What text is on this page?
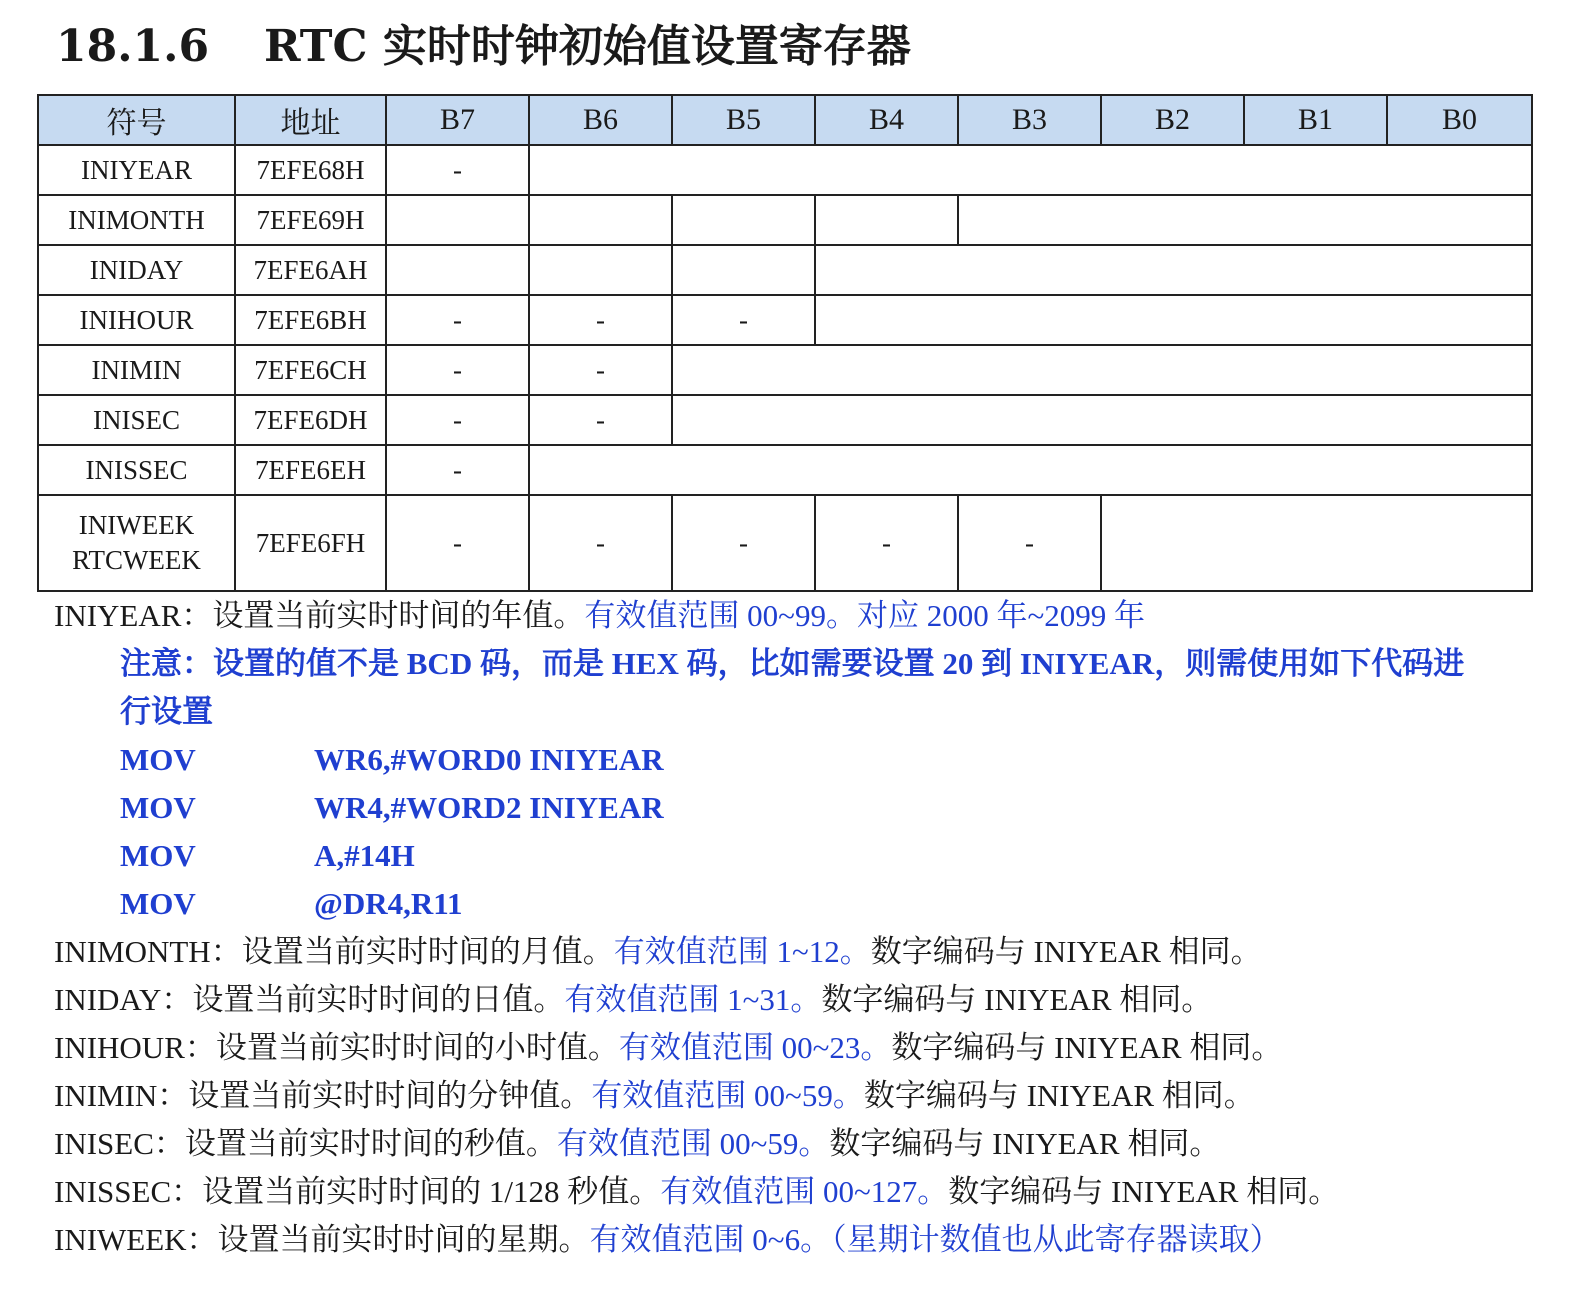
18.1.6 RTC 实时时钟初始值设置寄存器
符号	地址	B7	B6	B5	B4	B3	B2	B1	B0
INIYEAR	7EFE68H	-							
INIMONTH	7EFE69H								
INIDAY	7EFE6AH								
INIHOUR	7EFE6BH	-	-	-					
INIMIN	7EFE6CH	-	-						
INISEC	7EFE6DH	-	-						
INISSEC	7EFE6EH	-							
INIWEEK
RTCWEEK	7EFE6FH	-	-	-	-	-			
INIYEAR：设置当前实时时间的年值。有效值范围 00~99。对应 2000 年~2099 年
注意：设置的值不是 BCD 码，而是 HEX 码，比如需要设置 20 到 INIYEAR，则需使用如下代码进
行设置
MOV	WR6,#WORD0 INIYEAR
MOV	WR4,#WORD2 INIYEAR
MOV	A,#14H
MOV	@DR4,R11
INIMONTH：设置当前实时时间的月值。有效值范围 1~12。数字编码与 INIYEAR 相同。
INIDAY：设置当前实时时间的日值。有效值范围 1~31。数字编码与 INIYEAR 相同。
INIHOUR：设置当前实时时间的小时值。有效值范围 00~23。数字编码与 INIYEAR 相同。
INIMIN：设置当前实时时间的分钟值。有效值范围 00~59。数字编码与 INIYEAR 相同。
INISEC：设置当前实时时间的秒值。有效值范围 00~59。数字编码与 INIYEAR 相同。
INISSEC：设置当前实时时间的 1/128 秒值。有效值范围 00~127。数字编码与 INIYEAR 相同。
INIWEEK：设置当前实时时间的星期。有效值范围 0~6。（星期计数值也从此寄存器读取）
